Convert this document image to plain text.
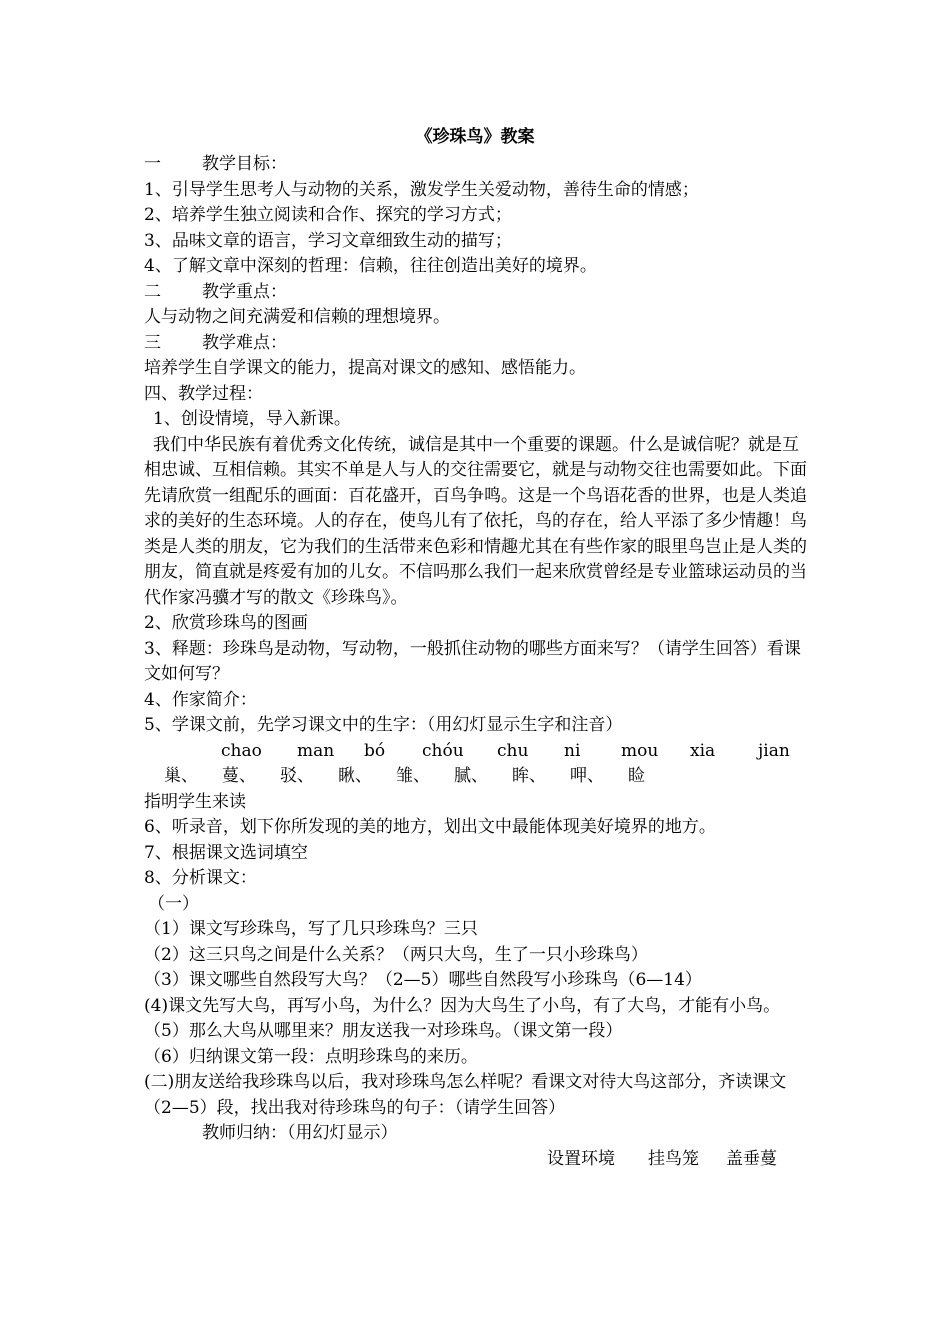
《珍珠鸟》教案
一 教学目标：
1、引导学生思考人与动物的关系，激发学生关爱动物，善待生命的情感；
2、培养学生独立阅读和合作、探究的学习方式；
3、品味文章的语言，学习文章细致生动的描写；
4、了解文章中深刻的哲理：信赖，往往创造出美好的境界。
二 教学重点：
人与动物之间充满爱和信赖的理想境界。
三 教学难点：
培养学生自学课文的能力，提高对课文的感知、感悟能力。
四、教学过程：
1、创设情境，导入新课。
我们中华民族有着优秀文化传统，诚信是其中一个重要的课题。什么是诚信呢？就是互相忠诚、互相信赖。其实不单是人与人的交往需要它，就是与动物交往也需要如此。下面先请欣赏一组配乐的画面：百花盛开，百鸟争鸣。这是一个鸟语花香的世界，也是人类追求的美好的生态环境。人的存在，使鸟儿有了依托，鸟的存在，给人平添了多少情趣！鸟类是人类的朋友，它为我们的生活带来色彩和情趣尤其在有些作家的眼里鸟岂止是人类的朋友，简直就是疼爱有加的儿女。不信吗那么我们一起来欣赏曾经是专业篮球运动员的当代作家冯骥才写的散文《珍珠鸟》。
2、欣赏珍珠鸟的图画
3、释题：珍珠鸟是动物，写动物，一般抓住动物的哪些方面来写？（请学生回答）看课文如何写？
4、作家简介：
5、学课文前，先学习课文中的生字：（用幻灯显示生字和注音）
chao man bó chóu chu ni mou xia	jian
巢、 蔓、 驳、 瞅、 雏、 腻、 眸、 呷、 睑
指明学生来读
6、听录音，划下你所发现的美的地方，划出文中最能体现美好境界的地方。
7、根据课文选词填空
8、分析课文：
（一）
（1）课文写珍珠鸟，写了几只珍珠鸟？三只
（2）这三只鸟之间是什么关系？（两只大鸟，生了一只小珍珠鸟）
（3）课文哪些自然段写大鸟？（2—5）哪些自然段写小珍珠鸟（6—14）
(4)课文先写大鸟，再写小鸟，为什么？因为大鸟生了小鸟，有了大鸟，才能有小鸟。
（5）那么大鸟从哪里来？朋友送我一对珍珠鸟。（课文第一段）
（6）归纳课文第一段：点明珍珠鸟的来历。
(二)朋友送给我珍珠鸟以后，我对珍珠鸟怎么样呢？看课文对待大鸟这部分，齐读课文（2—5）段，找出我对待珍珠鸟的句子：（请学生回答）
教师归纳：（用幻灯显示）
设置环境 挂鸟笼 盖垂蔓
